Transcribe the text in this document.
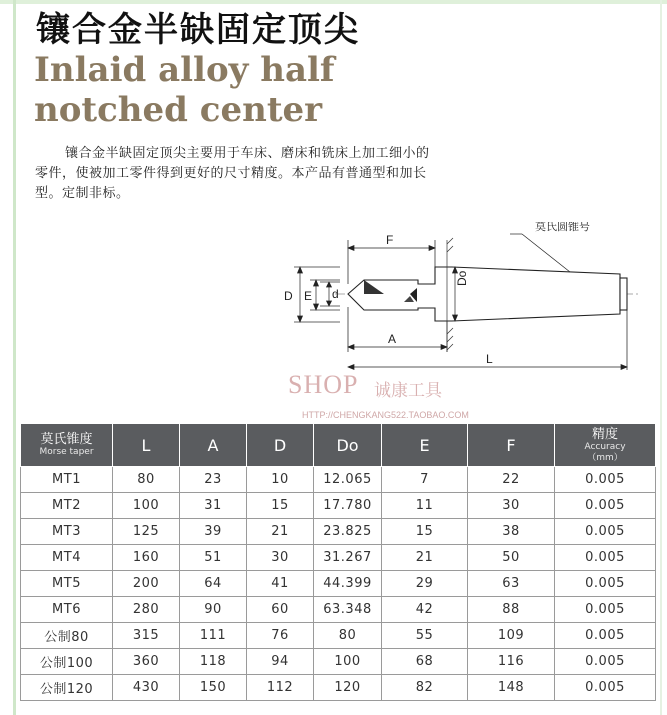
镶合金半缺固定顶尖
Inlaid alloy half notched center
镶合金半缺固定顶尖主要用于车床、磨床和铣床上加工细小的零件，使被加工零件得到更好的尺寸精度。本产品有普通型和加长型。定制非标。
F
A
L
D E d
Do
莫氏圆锥号
SHOP 诚康工具
HTTP://CHENGKANG522.TAOBAO.COM
莫氏锥度
Morse taper	L	A	D	Do	E	F	精度
Accuracy
（mm）

MT1	80	23	10	12.065	7	22	0.005
MT2	100	31	15	17.780	11	30	0.005
MT3	125	39	21	23.825	15	38	0.005
MT4	160	51	30	31.267	21	50	0.005
MT5	200	64	41	44.399	29	63	0.005
MT6	280	90	60	63.348	42	88	0.005
公制80	315	111	76	80	55	109	0.005
公制100	360	118	94	100	68	116	0.005
公制120	430	150	112	120	82	148	0.005
